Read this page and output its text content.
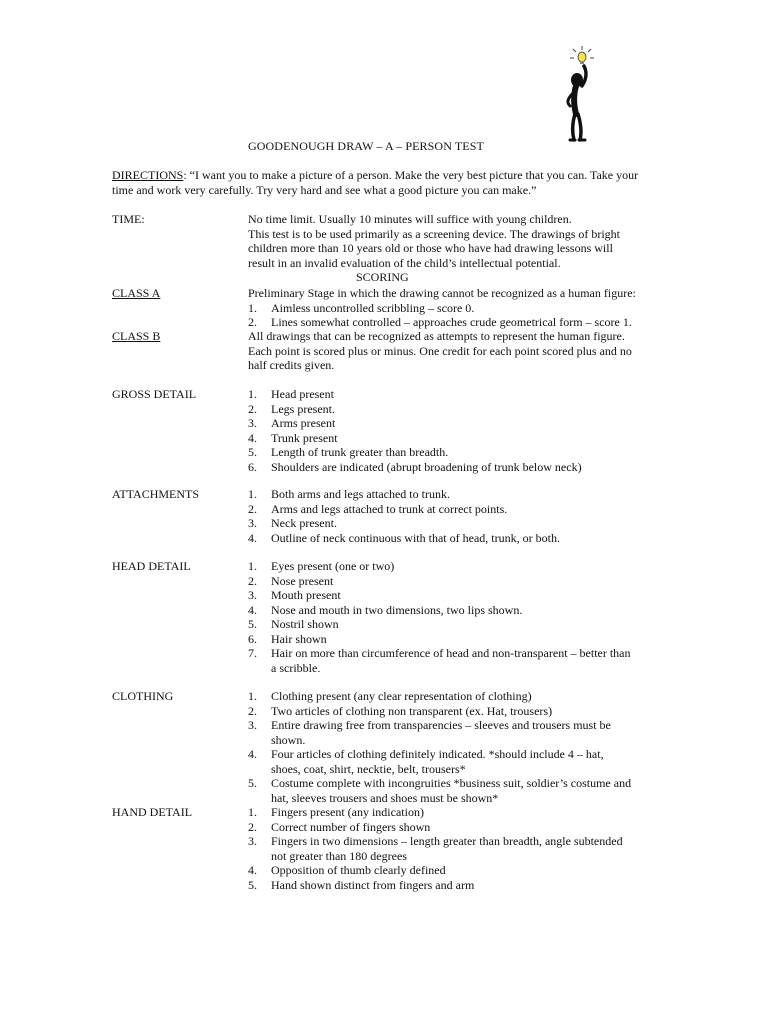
GOODENOUGH DRAW – A – PERSON TEST
DIRECTIONS: “I want you to make a picture of a person. Make the very best picture that you can. Take your time and work very carefully. Try very hard and see what a good picture you can make.”
TIME:	No time limit. Usually 10 minutes will suffice with young children.
This test is to be used primarily as a screening device. The drawings of bright
children more than 10 years old or those who have had drawing lessons will
result in an invalid evaluation of the child’s intellectual potential.
SCORING
CLASS A	Preliminary Stage in which the drawing cannot be recognized as a human figure:
1.	Aimless uncontrolled scribbling – score 0.
2.	Lines somewhat controlled – approaches crude geometrical form – score 1.
CLASS B	All drawings that can be recognized as attempts to represent the human figure.
Each point is scored plus or minus. One credit for each point scored plus and no
half credits given.
GROSS DETAIL	1.	Head present
2.	Legs present.
3.	Arms present
4.	Trunk present
5.	Length of trunk greater than breadth.
6.	Shoulders are indicated (abrupt broadening of trunk below neck)
ATTACHMENTS	1.	Both arms and legs attached to trunk.
2.	Arms and legs attached to trunk at correct points.
3.	Neck present.
4.	Outline of neck continuous with that of head, trunk, or both.
HEAD DETAIL	1.	Eyes present (one or two)
2.	Nose present
3.	Mouth present
4.	Nose and mouth in two dimensions, two lips shown.
5.	Nostril shown
6.	Hair shown
7.	Hair on more than circumference of head and non-transparent – better than
a scribble.
CLOTHING	1.	Clothing present (any clear representation of clothing)
2.	Two articles of clothing non transparent (ex. Hat, trousers)
3.	Entire drawing free from transparencies – sleeves and trousers must be
shown.
4.	Four articles of clothing definitely indicated. *should include 4 – hat,
shoes, coat, shirt, necktie, belt, trousers*
5.	Costume complete with incongruities *business suit, soldier’s costume and
hat, sleeves trousers and shoes must be shown*
HAND DETAIL	1.	Fingers present (any indication)
2.	Correct number of fingers shown
3.	Fingers in two dimensions – length greater than breadth, angle subtended
not greater than 180 degrees
4.	Opposition of thumb clearly defined
5.	Hand shown distinct from fingers and arm
